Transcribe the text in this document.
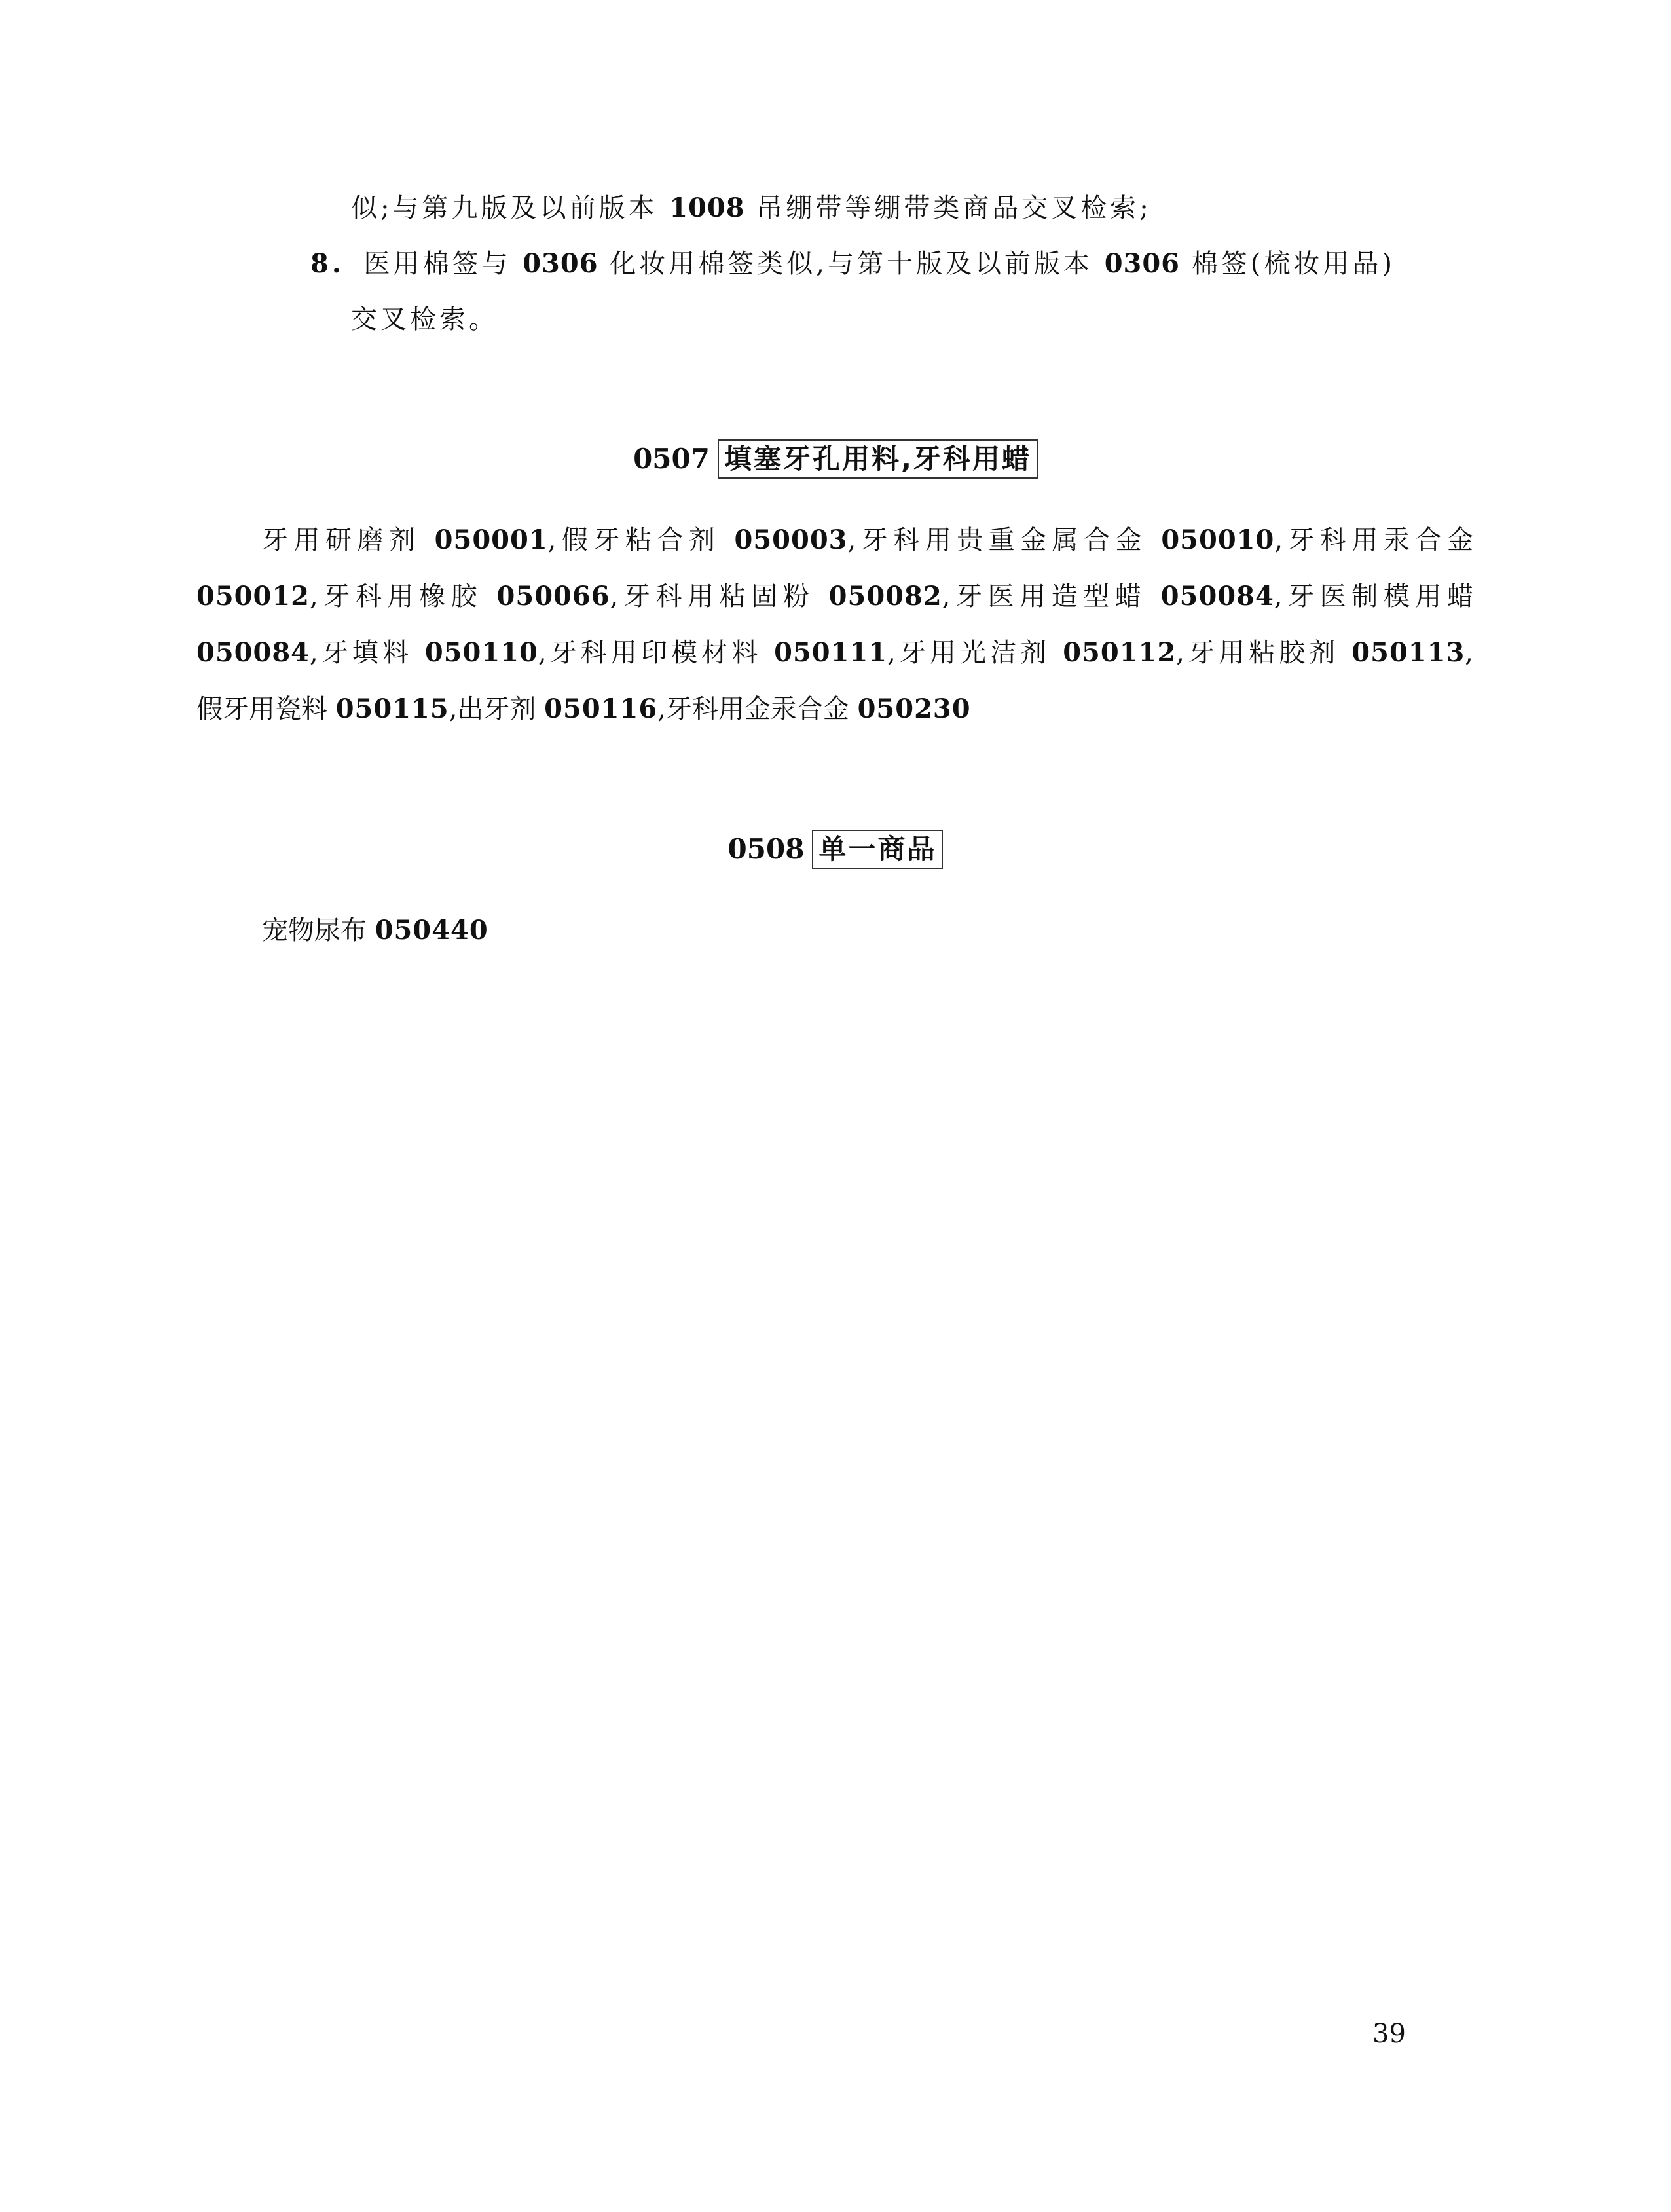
似;与第九版及以前版本 1008 吊绷带等绷带类商品交叉检索;
8. 医用棉签与 0306 化妆用棉签类似,与第十版及以前版本 0306 棉签(梳妆用品)
交叉检索。
0507 填塞牙孔用料,牙科用蜡
牙用研磨剂 050001,假牙粘合剂 050003,牙科用贵重金属合金 050010,牙科用汞合金
050012,牙科用橡胶 050066,牙科用粘固粉 050082,牙医用造型蜡 050084,牙医制模用蜡
050084,牙填料 050110,牙科用印模材料 050111,牙用光洁剂 050112,牙用粘胶剂 050113,
假牙用瓷料 050115,出牙剂 050116,牙科用金汞合金 050230
0508 单一商品
宠物尿布 050440
39
